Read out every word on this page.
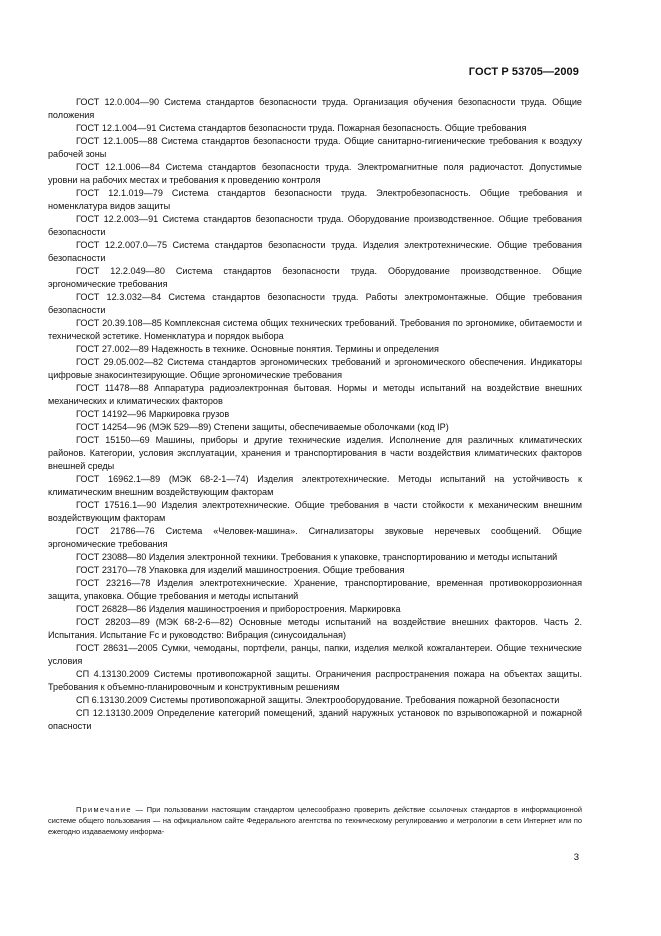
ГОСТ Р 53705—2009

ГОСТ 12.0.004—90 Система стандартов безопасности труда. Организация обучения безопасности труда. Общие положения

ГОСТ 12.1.004—91 Система стандартов безопасности труда. Пожарная безопасность. Общие требования

ГОСТ 12.1.005—88 Система стандартов безопасности труда. Общие санитарно-гигиенические требования к воздуху рабочей зоны

ГОСТ 12.1.006—84 Система стандартов безопасности труда. Электромагнитные поля радиочастот. Допустимые уровни на рабочих местах и требования к проведению контроля

ГОСТ 12.1.019—79 Система стандартов безопасности труда. Электробезопасность. Общие требования и номенклатура видов защиты

ГОСТ 12.2.003—91 Система стандартов безопасности труда. Оборудование производственное. Общие требования безопасности

ГОСТ 12.2.007.0—75 Система стандартов безопасности труда. Изделия электротехнические. Общие требования безопасности

ГОСТ 12.2.049—80 Система стандартов безопасности труда. Оборудование производственное. Общие эргономические требования

ГОСТ 12.3.032—84 Система стандартов безопасности труда. Работы электромонтажные. Общие требования безопасности

ГОСТ 20.39.108—85 Комплексная система общих технических требований. Требования по эргономике, обитаемости и технической эстетике. Номенклатура и порядок выбора

ГОСТ 27.002—89 Надежность в технике. Основные понятия. Термины и определения

ГОСТ 29.05.002—82 Система стандартов эргономических требований и эргономического обеспечения. Индикаторы цифровые знакосинтезирующие. Общие эргономические требования

ГОСТ 11478—88 Аппаратура радиоэлектронная бытовая. Нормы и методы испытаний на воздействие внешних механических и климатических факторов

ГОСТ 14192—96 Маркировка грузов

ГОСТ 14254—96 (МЭК 529—89) Степени защиты, обеспечиваемые оболочками (код IP)

ГОСТ 15150—69 Машины, приборы и другие технические изделия. Исполнение для различных климатических районов. Категории, условия эксплуатации, хранения и транспортирования в части воздействия климатических факторов внешней среды

ГОСТ 16962.1—89 (МЭК 68-2-1—74) Изделия электротехнические. Методы испытаний на устойчивость к климатическим внешним воздействующим факторам

ГОСТ 17516.1—90 Изделия электротехнические. Общие требования в части стойкости к механическим внешним воздействующим факторам

ГОСТ 21786—76 Система «Человек-машина». Сигнализаторы звуковые неречевых сообщений. Общие эргономические требования

ГОСТ 23088—80 Изделия электронной техники. Требования к упаковке, транспортированию и методы испытаний

ГОСТ 23170—78 Упаковка для изделий машиностроения. Общие требования

ГОСТ 23216—78 Изделия электротехнические. Хранение, транспортирование, временная противокоррозионная защита, упаковка. Общие требования и методы испытаний

ГОСТ 26828—86 Изделия машиностроения и приборостроения. Маркировка

ГОСТ 28203—89 (МЭК 68-2-6—82) Основные методы испытаний на воздействие внешних факторов. Часть 2. Испытания. Испытание Fc и руководство: Вибрация (синусоидальная)

ГОСТ 28631—2005 Сумки, чемоданы, портфели, ранцы, папки, изделия мелкой кожгалантереи. Общие технические условия

СП 4.13130.2009 Системы противопожарной защиты. Ограничения распространения пожара на объектах защиты. Требования к объемно-планировочным и конструктивным решениям

СП 6.13130.2009 Системы противопожарной защиты. Электрооборудование. Требования пожарной безопасности

СП 12.13130.2009 Определение категорий помещений, зданий наружных установок по взрывопожарной и пожарной опасности

Примечание — При пользовании настоящим стандартом целесообразно проверить действие ссылочных стандартов в информационной системе общего пользования — на официальном сайте Федерального агентства по техническому регулированию и метрологии в сети Интернет или по ежегодно издаваемому информа-

3
